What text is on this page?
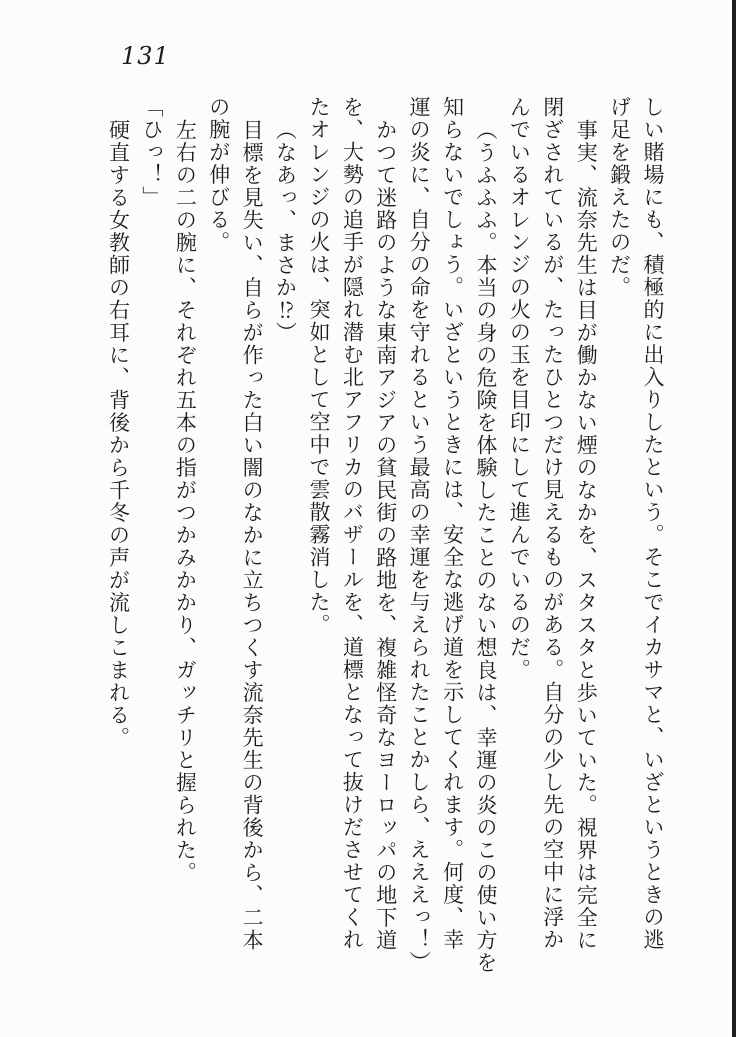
131

しい賭場にも、積極的に出入りしたという。そこでイカサマと、いざというときの逃

げ足を鍛えたのだ。

事実、流奈先生は目が働かない煙のなかを、スタスタと歩いていた。視界は完全に

閉ざされているが、たったひとつだけ見えるものがある。自分の少し先の空中に浮か

んでいるオレンジの火の玉を目印にして進んでいるのだ。

（うふふふ。本当の身の危険を体験したことのない想良は、幸運の炎のこの使い方を

知らないでしょう。いざというときには、安全な逃げ道を示してくれます。何度、幸

運の炎に、自分の命を守れるという最高の幸運を与えられたことかしら、えええっ！）

かつて迷路のような東南アジアの貧民街の路地を、複雑怪奇なヨーロッパの地下道

を、大勢の追手が隠れ潜む北アフリカのバザールを、道標となって抜けださせてくれ

たオレンジの火は、突如として空中で雲散霧消した。

（なあっ、まさか⁉）

目標を見失い、自らが作った白い闇のなかに立ちつくす流奈先生の背後から、二本

の腕が伸びる。

左右の二の腕に、それぞれ五本の指がつかみかかり、ガッチリと握られた。

「ひっ！」

硬直する女教師の右耳に、背後から千冬の声が流しこまれる。
